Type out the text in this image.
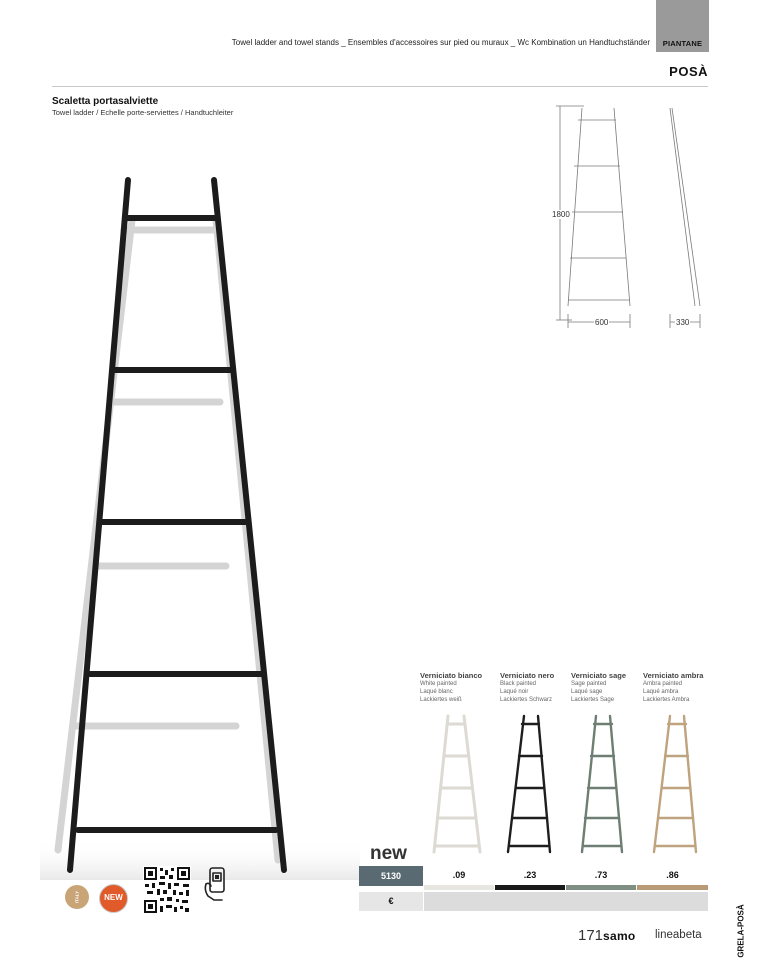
Towel ladder and towel stands _ Ensembles d'accessoires sur pied ou muraux _ Wc Kombination un Handtuchständer	PIANTANE
POSÀ
Scaletta portasalviette
Towel ladder / Echelle porte-serviettes / Handtuchleiter
1800
600	330
Verniciato bianco
White painted
Laqué blanc
Lackiertes weiß
Verniciato nero
Black painted
Laqué noir
Lackiertes Schwarz
Verniciato sage
Sage painted
Laqué sage
Lackiertes Sage
Verniciato ambra
Ambra painted
Laqué ambra
Lackiertes Ambra
new
5130	.09	.23	.73	.86
€
ITALY	NEW
171 samo lineabeta	GRELA-POSÀ
